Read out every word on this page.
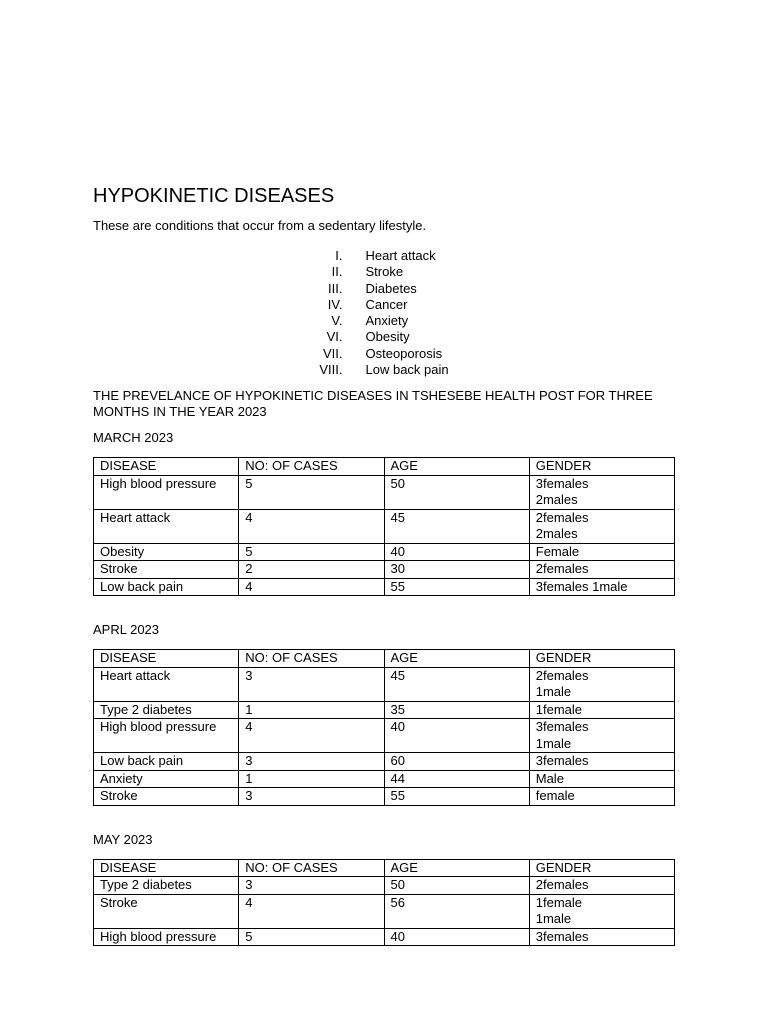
HYPOKINETIC DISEASES

These are conditions that occur from a sedentary lifestyle.

I.	Heart attack
II.	Stroke
III.	Diabetes
IV.	Cancer
V.	Anxiety
VI.	Obesity
VII.	Osteoporosis
VIII.	Low back pain

THE PREVELANCE OF HYPOKINETIC DISEASES IN TSHESEBE HEALTH POST FOR THREE MONTHS IN THE YEAR 2023

MARCH 2023

DISEASE	NO: OF CASES	AGE	GENDER
High blood pressure	5	50	3females
2males
Heart attack	4	45	2females
2males
Obesity	5	40	Female
Stroke	2	30	2females
Low back pain	4	55	3females 1male

APRL 2023

DISEASE	NO: OF CASES	AGE	GENDER
Heart attack	3	45	2females
1male
Type 2 diabetes	1	35	1female
High blood pressure	4	40	3females
1male
Low back pain	3	60	3females
Anxiety	1	44	Male
Stroke	3	55	female

MAY 2023

DISEASE	NO: OF CASES	AGE	GENDER
Type 2 diabetes	3	50	2females
Stroke	4	56	1female
1male
High blood pressure	5	40	3females
